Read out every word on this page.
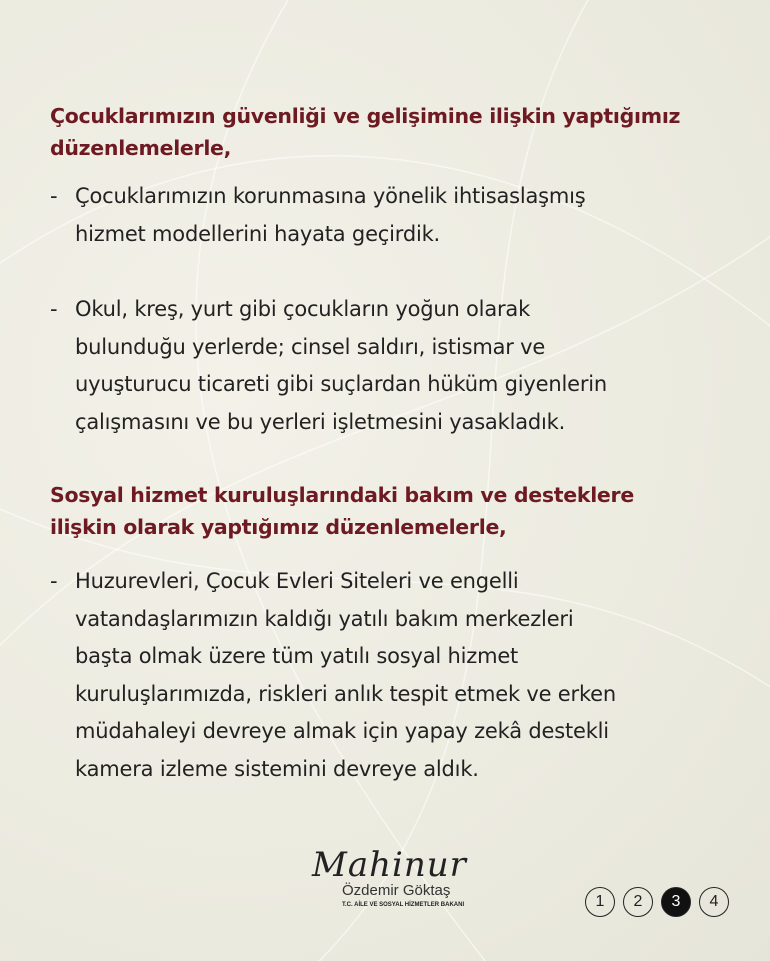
Çocuklarımızın güvenliği ve gelişimine ilişkin yaptığımız
düzenlemelerle,
- Çocuklarımızın korunmasına yönelik ihtisaslaşmış
hizmet modellerini hayata geçirdik.
- Okul, kreş, yurt gibi çocukların yoğun olarak
bulunduğu yerlerde; cinsel saldırı, istismar ve
uyuşturucu ticareti gibi suçlardan hüküm giyenlerin
çalışmasını ve bu yerleri işletmesini yasakladık.
Sosyal hizmet kuruluşlarındaki bakım ve desteklere
ilişkin olarak yaptığımız düzenlemelerle,
- Huzurevleri, Çocuk Evleri Siteleri ve engelli
vatandaşlarımızın kaldığı yatılı bakım merkezleri
başta olmak üzere tüm yatılı sosyal hizmet
kuruluşlarımızda, riskleri anlık tespit etmek ve erken
müdahaleyi devreye almak için yapay zekâ destekli
kamera izleme sistemini devreye aldık.
Mahinur
Özdemir Göktaş
T.C. AİLE VE SOSYAL HİZMETLER BAKANI	1	2	3	4
